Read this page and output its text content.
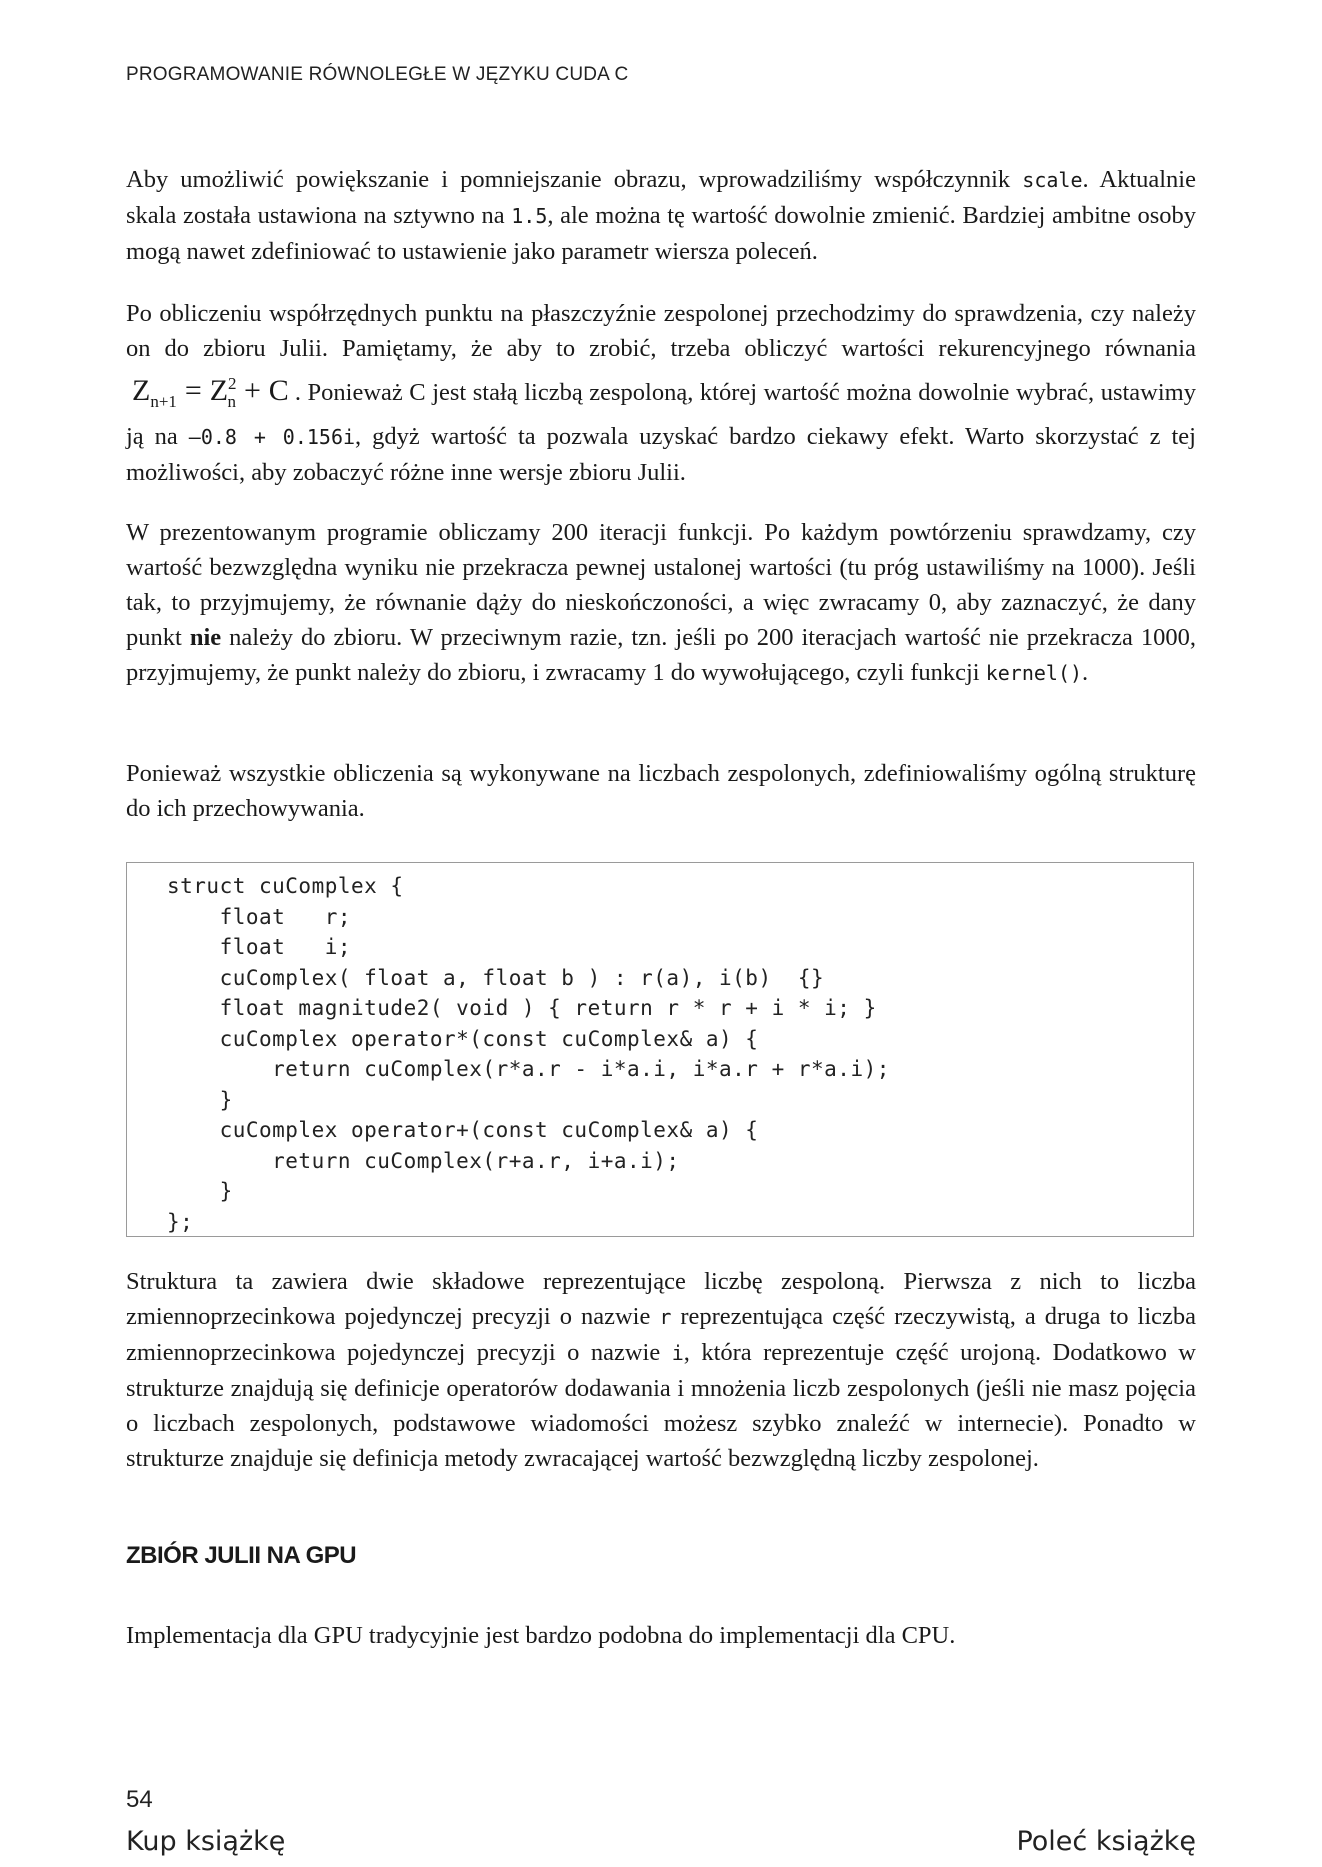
PROGRAMOWANIE RÓWNOLEGŁE W JĘZYKU CUDA C

Aby umożliwić powiększanie i pomniejszanie obrazu, wprowadziliśmy współczynnik scale. Aktualnie skala została ustawiona na sztywno na 1.5, ale można tę wartość dowolnie zmienić. Bardziej ambitne osoby mogą nawet zdefiniować to ustawienie jako parametr wiersza poleceń.

Po obliczeniu współrzędnych punktu na płaszczyźnie zespolonej przechodzimy do sprawdzenia, czy należy on do zbioru Julii. Pamiętamy, że aby to zrobić, trzeba obliczyć wartości rekurencyjnego równania $Z_{n+1} = Z^2_n + C$ . Ponieważ C jest stałą liczbą zespoloną, której wartość można dowolnie wybrać, ustawimy ją na –0.8 + 0.156i, gdyż wartość ta pozwala uzyskać bardzo ciekawy efekt. Warto skorzystać z tej możliwości, aby zobaczyć różne inne wersje zbioru Julii.

W prezentowanym programie obliczamy 200 iteracji funkcji. Po każdym powtórzeniu sprawdzamy, czy wartość bezwzględna wyniku nie przekracza pewnej ustalonej wartości (tu próg ustawiliśmy na 1000). Jeśli tak, to przyjmujemy, że równanie dąży do nieskończoności, a więc zwracamy 0, aby zaznaczyć, że dany punkt nie należy do zbioru. W przeciwnym razie, tzn. jeśli po 200 iteracjach wartość nie przekracza 1000, przyjmujemy, że punkt należy do zbioru, i zwracamy 1 do wywołującego, czyli funkcji kernel().

Ponieważ wszystkie obliczenia są wykonywane na liczbach zespolonych, zdefiniowaliśmy ogólną strukturę do ich przechowywania.

struct cuComplex {
float   r;
float   i;
cuComplex( float a, float b ) : r(a), i(b)  {}
float magnitude2( void ) { return r * r + i * i; }
cuComplex operator*(const cuComplex& a) {
return cuComplex(r*a.r - i*a.i, i*a.r + r*a.i);
}
cuComplex operator+(const cuComplex& a) {
return cuComplex(r+a.r, i+a.i);
}
};

Struktura ta zawiera dwie składowe reprezentujące liczbę zespoloną. Pierwsza z nich to liczba zmiennoprzecinkowa pojedynczej precyzji o nazwie r reprezentująca część rzeczywistą, a druga to liczba zmiennoprzecinkowa pojedynczej precyzji o nazwie i, która reprezentuje część urojoną. Dodatkowo w strukturze znajdują się definicje operatorów dodawania i mnożenia liczb zespolonych (jeśli nie masz pojęcia o liczbach zespolonych, podstawowe wiadomości możesz szybko znaleźć w internecie). Ponadto w strukturze znajduje się definicja metody zwracającej wartość bezwzględną liczby zespolonej.

ZBIÓR JULII NA GPU

Implementacja dla GPU tradycyjnie jest bardzo podobna do implementacji dla CPU.

54
Kup książkę	Poleć książkę
